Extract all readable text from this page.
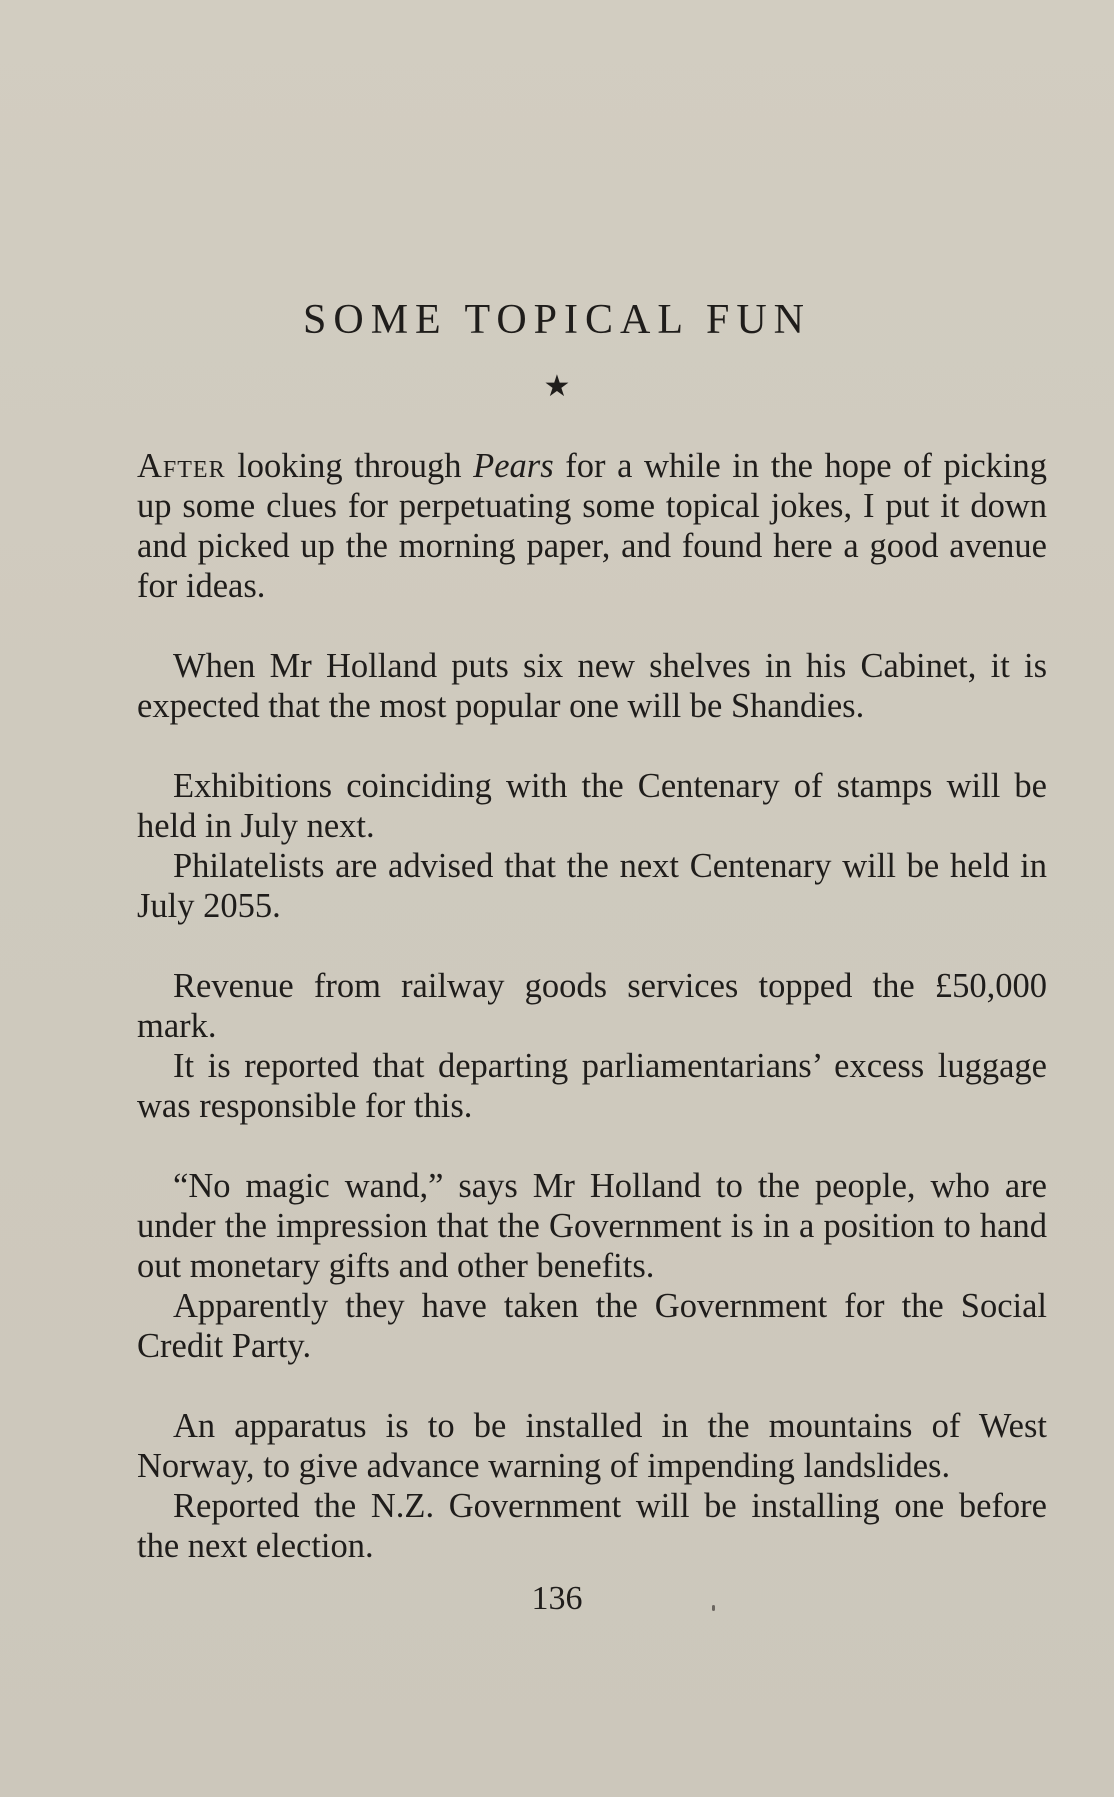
SOME TOPICAL FUN
★

After looking through Pears for a while in the hope of picking up some clues for perpetuating some topical jokes, I put it down and picked up the morning paper, and found here a good avenue for ideas.

When Mr Holland puts six new shelves in his Cabinet, it is expected that the most popular one will be Shandies.

Exhibitions coinciding with the Centenary of stamps will be held in July next.

Philatelists are advised that the next Centenary will be held in July 2055.

Revenue from railway goods services topped the £50,000 mark.

It is reported that departing parliamentarians’ excess luggage was responsible for this.

“No magic wand,” says Mr Holland to the people, who are under the impression that the Government is in a position to hand out monetary gifts and other benefits.

Apparently they have taken the Government for the Social Credit Party.

An apparatus is to be installed in the mountains of West Norway, to give advance warning of impending landslides.

Reported the N.Z. Government will be installing one before the next election.

136
